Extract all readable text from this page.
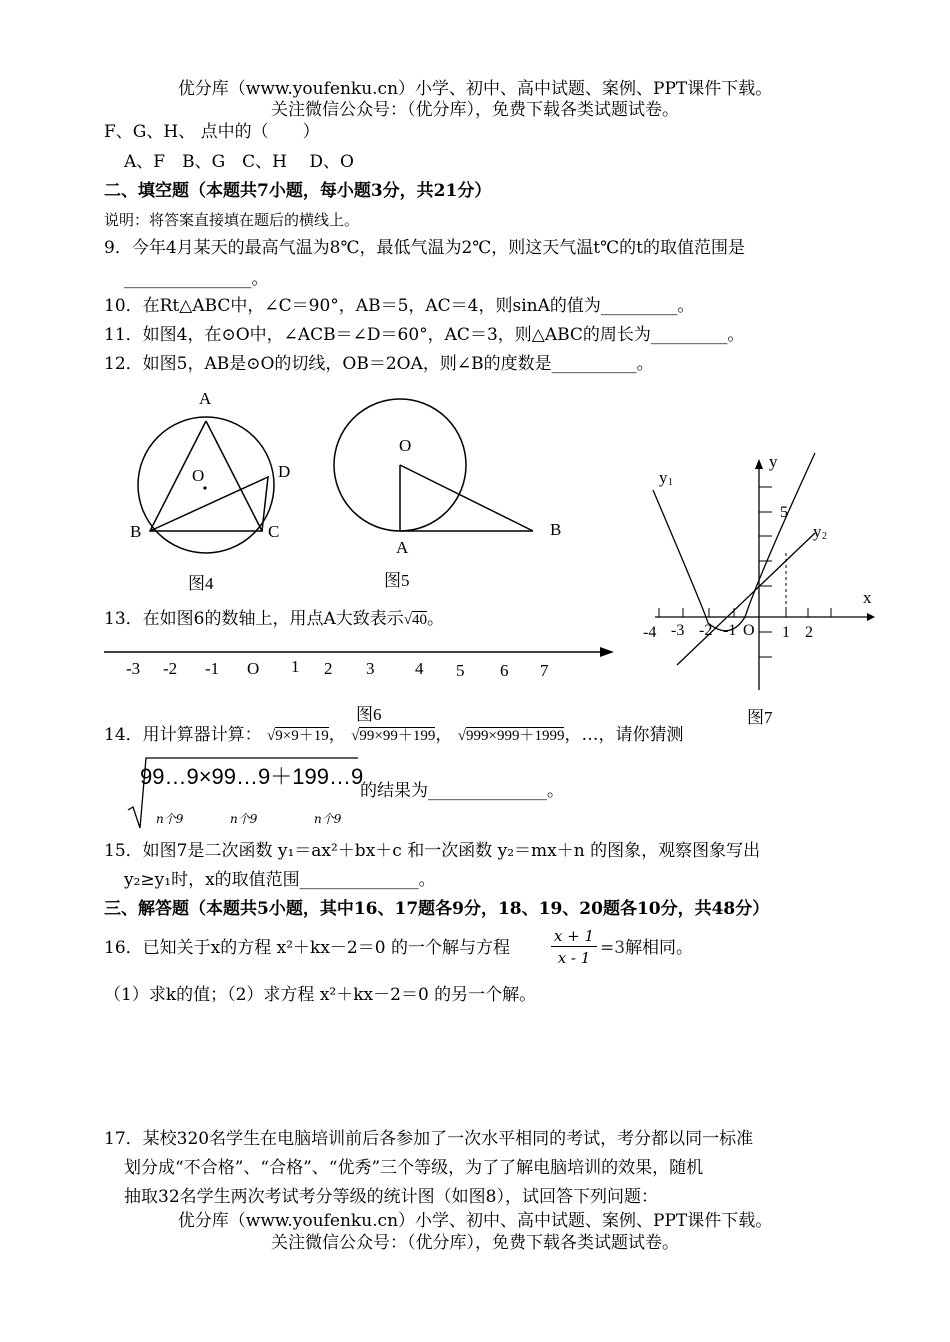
优分库（www.youfenku.cn）小学、初中、高中试题、案例、PPT课件下载。
关注微信公众号：（优分库），免费下载各类试题试卷。
F、G、H、 点中的（　　）
A、F　B、G　C、H　 D、O
二、填空题（本题共7小题，每小题3分，共21分）
说明：将答案直接填在题后的横线上。
9．今年4月某天的最高气温为8℃，最低气温为2℃，则这天气温t℃的t的取值范围是
_______________。
10．在Rt△ABC中，∠C＝90°，AB＝5，AC＝4，则sinA的值为_________。
11．如图4，在⊙O中，∠ACB＝∠D＝60°，AC＝3，则△ABC的周长为_________。
12．如图5，AB是⊙O的切线，OB＝2OA，则∠B的度数是__________。
A
O	D
B	C
图4
O
A
B
图5
y
x
y 1
y 2
5
-4 -3 -2 -1 O 1 2
图7
13．在如图6的数轴上，用点A大致表示√40。
-3 -2 -1 O 1 2 3 4 5 6 7
图6
14．用计算器计算： √9×9＋19， √99×99＋199， √999×999＋1999，…，请你猜测
99…9×99…9＋199…9
n个9	n个9	n个9
的结果为______________。
15．如图7是二次函数 y₁＝ax²＋bx＋c 和一次函数 y₂＝mx＋n 的图象，观察图象写出
y₂≥y₁时，x的取值范围______________。
三、解答题（本题共5小题，其中16、17题各9分，18、19、20题各10分，共48分）
16．已知关于x的方程 x²＋kx－2＝0 的一个解与方程	$\frac{x + 1}{x - 1} =3$解相同。
（1）求k的值；（2）求方程 x²＋kx－2＝0 的另一个解。
17．某校320名学生在电脑培训前后各参加了一次水平相同的考试，考分都以同一标准
划分成“不合格”、“合格”、“优秀”三个等级，为了了解电脑培训的效果，随机
抽取32名学生两次考试考分等级的统计图（如图8），试回答下列问题：
优分库（www.youfenku.cn）小学、初中、高中试题、案例、PPT课件下载。
关注微信公众号：（优分库），免费下载各类试题试卷。
